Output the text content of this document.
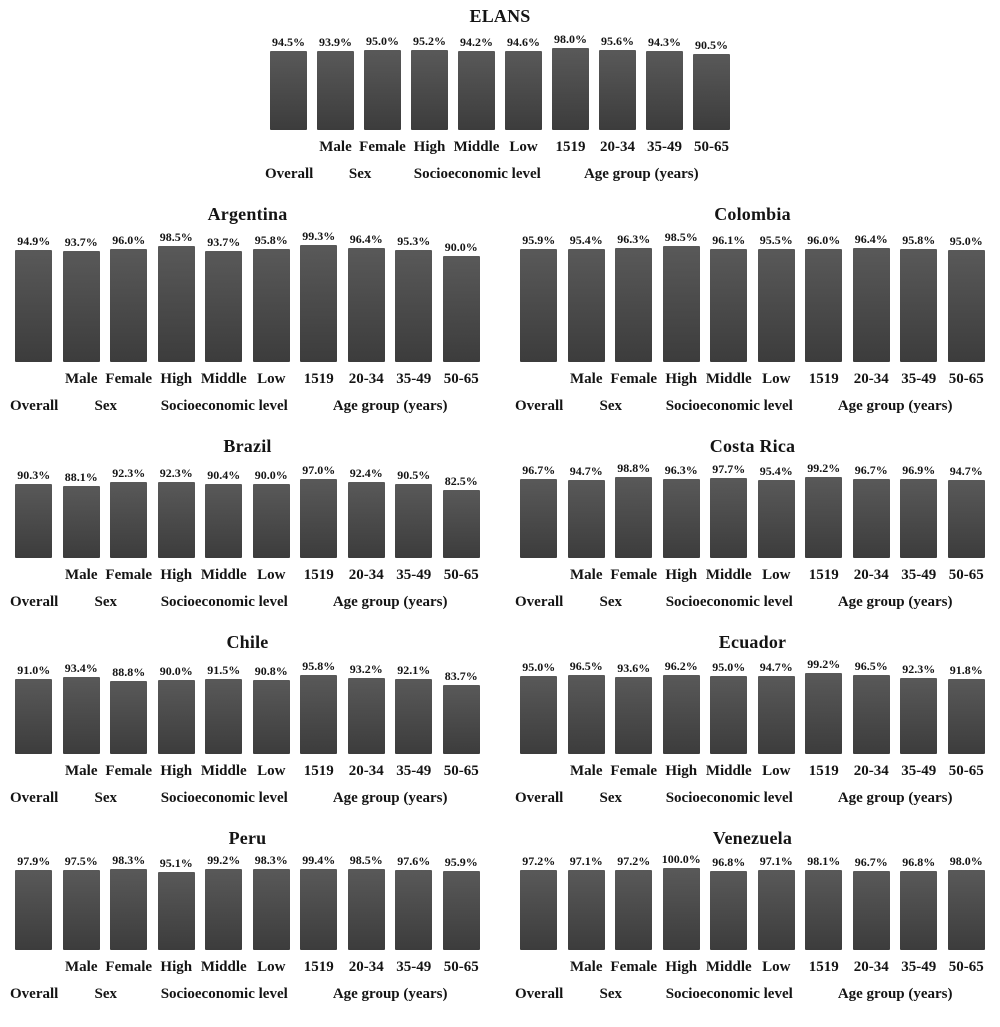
ELANS
94.5% 93.9% 95.0% 95.2% 94.2% 94.6% 98.0% 95.6% 94.3% 90.5%
Male Female High Middle Low	1519 20-34 35-49 50-65
Overall	Sex	Socioeconomic level	Age group (years)
Argentina
94.9% 93.7% 96.0% 98.5% 93.7% 95.8% 99.3% 96.4% 95.3% 90.0%
Male Female High Middle Low	1519	20-34 35-49 50-65
Overall	Sex	Socioeconomic level	Age group (years)
Colombia
95.9% 95.4% 96.3% 98.5% 96.1% 95.5% 96.0% 96.4% 95.8% 95.0%
Male Female High Middle Low	1519	20-34 35-49 50-65
Overall	Sex	Socioeconomic level	Age group (years)
Brazil
90.3% 88.1% 92.3% 92.3% 90.4% 90.0% 97.0% 92.4% 90.5% 82.5%
Male Female High Middle Low	1519	20-34 35-49 50-65
Overall	Sex	Socioeconomic level	Age group (years)
Costa Rica
96.7% 94.7% 98.8% 96.3% 97.7% 95.4% 99.2% 96.7% 96.9% 94.7%
Male Female High Middle Low	1519	20-34 35-49 50-65
Overall	Sex	Socioeconomic level	Age group (years)
Chile
91.0% 93.4% 88.8% 90.0% 91.5% 90.8% 95.8% 93.2% 92.1% 83.7%
Male Female High Middle Low	1519	20-34 35-49 50-65
Overall	Sex	Socioeconomic level	Age group (years)
Ecuador
95.0% 96.5% 93.6% 96.2% 95.0% 94.7% 99.2% 96.5% 92.3% 91.8%
Male Female High Middle Low	1519	20-34 35-49 50-65
Overall	Sex	Socioeconomic level	Age group (years)
Peru
97.9% 97.5% 98.3% 95.1% 99.2% 98.3% 99.4% 98.5% 97.6% 95.9%
Male Female High Middle Low	1519	20-34 35-49 50-65
Overall	Sex	Socioeconomic level	Age group (years)
Venezuela
97.2% 97.1% 97.2% 100.0% 96.8% 97.1% 98.1% 96.7% 96.8% 98.0%
Male Female High Middle Low	1519	20-34 35-49 50-65
Overall	Sex	Socioeconomic level	Age group (years)
